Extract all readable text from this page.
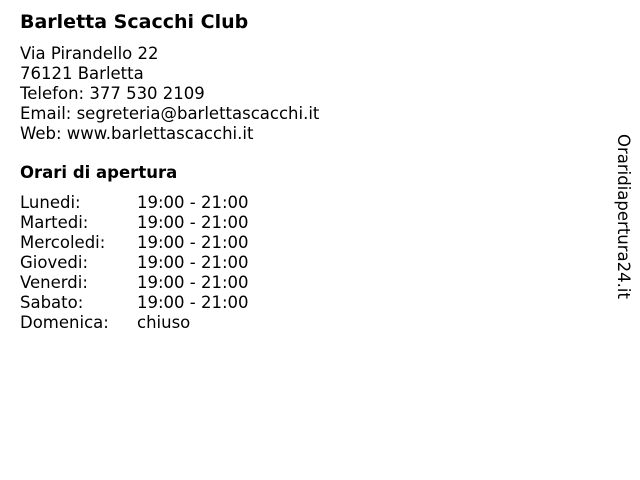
Barletta Scacchi Club
Via Pirandello 22
76121 Barletta
Telefon: 377 530 2109
Email: segreteria@barlettascacchi.it
Web: www.barlettascacchi.it
Orari di apertura
Lunedi:	19:00 - 21:00
Martedi:	19:00 - 21:00
Mercoledi:	19:00 - 21:00
Giovedi:	19:00 - 21:00
Venerdi:	19:00 - 21:00
Sabato:	19:00 - 21:00
Domenica:	chiuso
Oraridiapertura24.it
